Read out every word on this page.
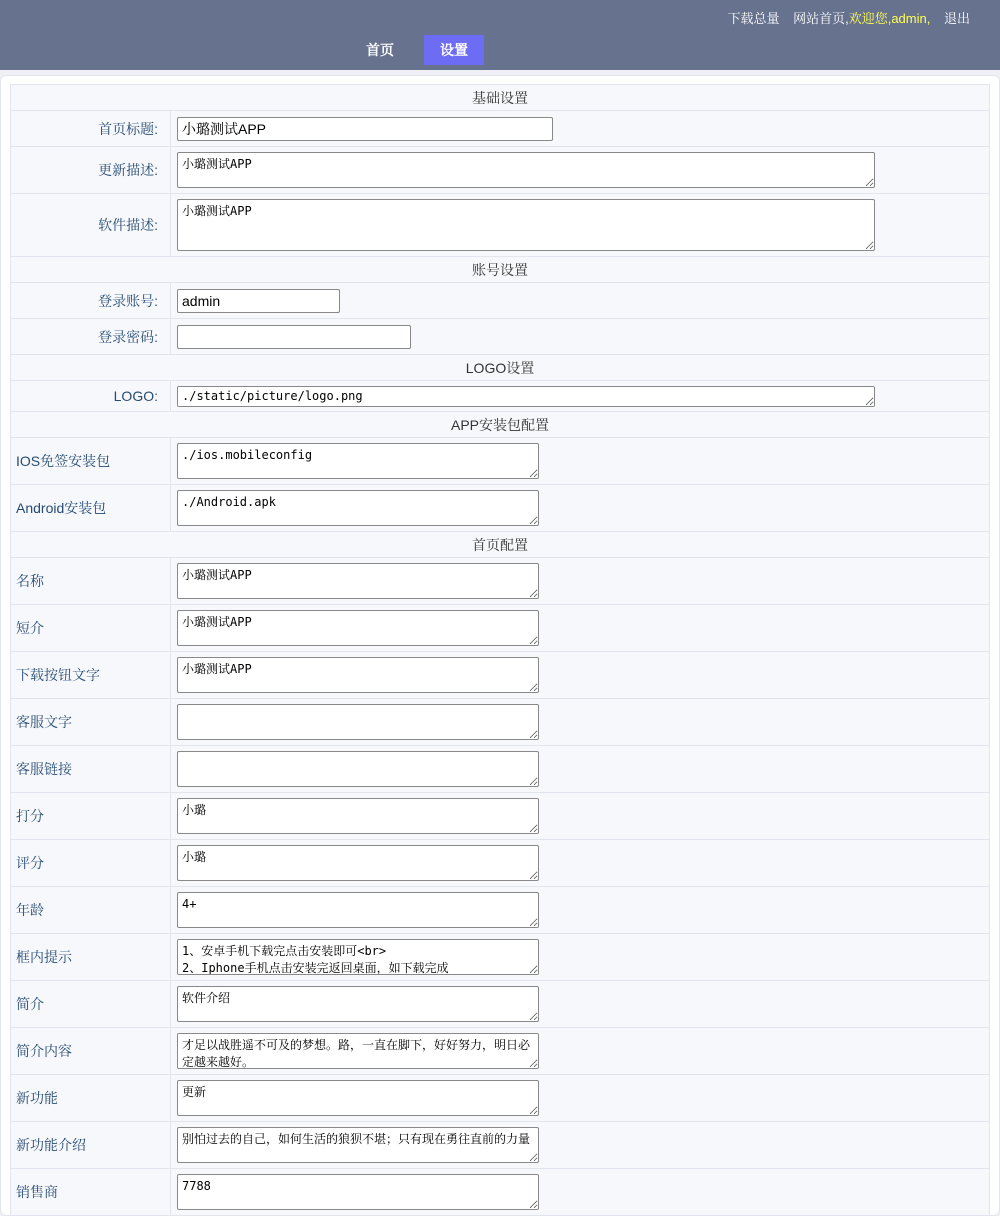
下载总量 网站首页,欢迎您,admin, 退出
首页	设置
基础设置	
首页标题:	
小璐测试APP
更新描述:	
小璐测试APP
软件描述:	
小璐测试APP
账号设置	
登录账号:	
admin
登录密码:	

LOGO设置	
LOGO:	
./static/picture/logo.png
APP安装包配置	
IOS免签安装包	
./ios.mobileconfig
Android安装包	
./Android.apk
首页配置	
名称	
小璐测试APP
短介	
小璐测试APP
下载按钮文字	
小璐测试APP
客服文字	

客服链接	

打分	
小璐
评分	
小璐
年龄	
4+
框内提示	
1、安卓手机下载完点击安装即可<br> 2、Iphone手机点击安装完返回桌面，如下载完成
简介	
软件介绍
简介内容	
才足以战胜遥不可及的梦想。路，一直在脚下，好好努力，明日必定越来越好。
新功能	
更新
新功能介绍	
别怕过去的自己，如何生活的狼狈不堪；只有现在勇往直前的力量
销售商	
7788
